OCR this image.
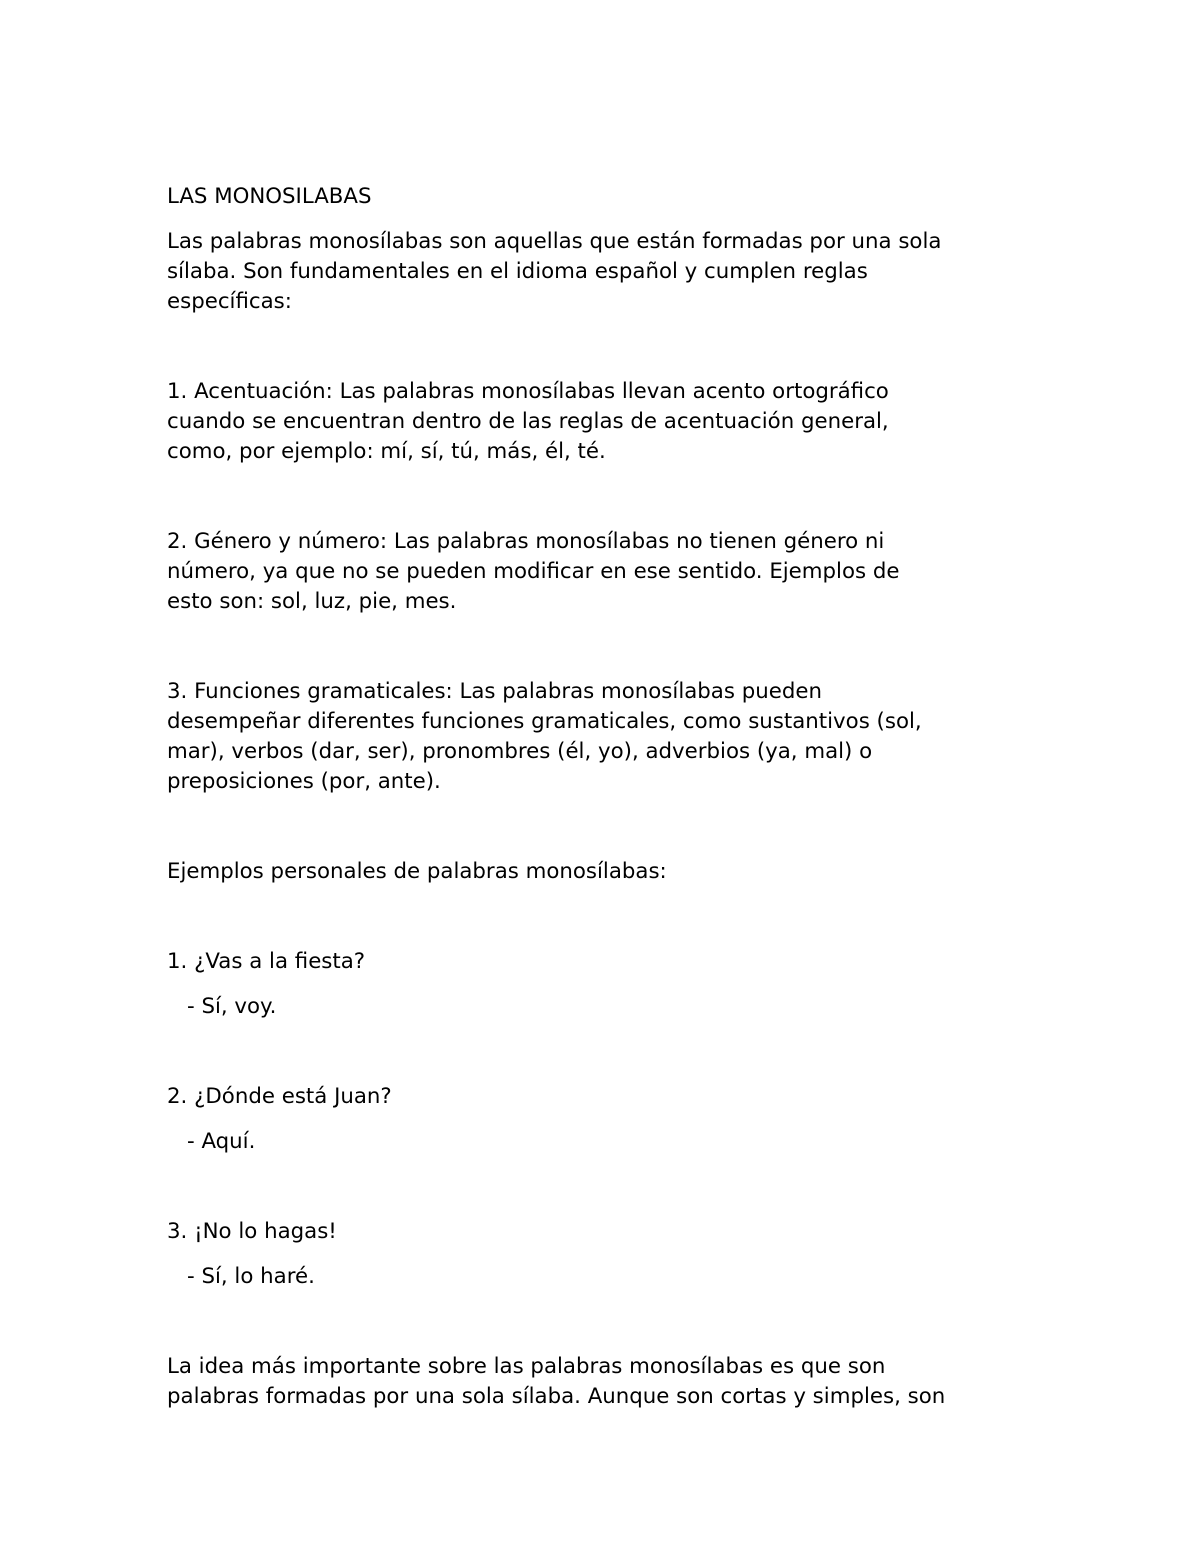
LAS MONOSILABAS

Las palabras monosílabas son aquellas que están formadas por una sola
sílaba. Son fundamentales en el idioma español y cumplen reglas
específicas:

1. Acentuación: Las palabras monosílabas llevan acento ortográfico
cuando se encuentran dentro de las reglas de acentuación general,
como, por ejemplo: mí, sí, tú, más, él, té.

2. Género y número: Las palabras monosílabas no tienen género ni
número, ya que no se pueden modificar en ese sentido. Ejemplos de
esto son: sol, luz, pie, mes.

3. Funciones gramaticales: Las palabras monosílabas pueden
desempeñar diferentes funciones gramaticales, como sustantivos (sol,
mar), verbos (dar, ser), pronombres (él, yo), adverbios (ya, mal) o
preposiciones (por, ante).

Ejemplos personales de palabras monosílabas:

1. ¿Vas a la fiesta?

- Sí, voy.

2. ¿Dónde está Juan?

- Aquí.

3. ¡No lo hagas!

- Sí, lo haré.

La idea más importante sobre las palabras monosílabas es que son
palabras formadas por una sola sílaba. Aunque son cortas y simples, son
